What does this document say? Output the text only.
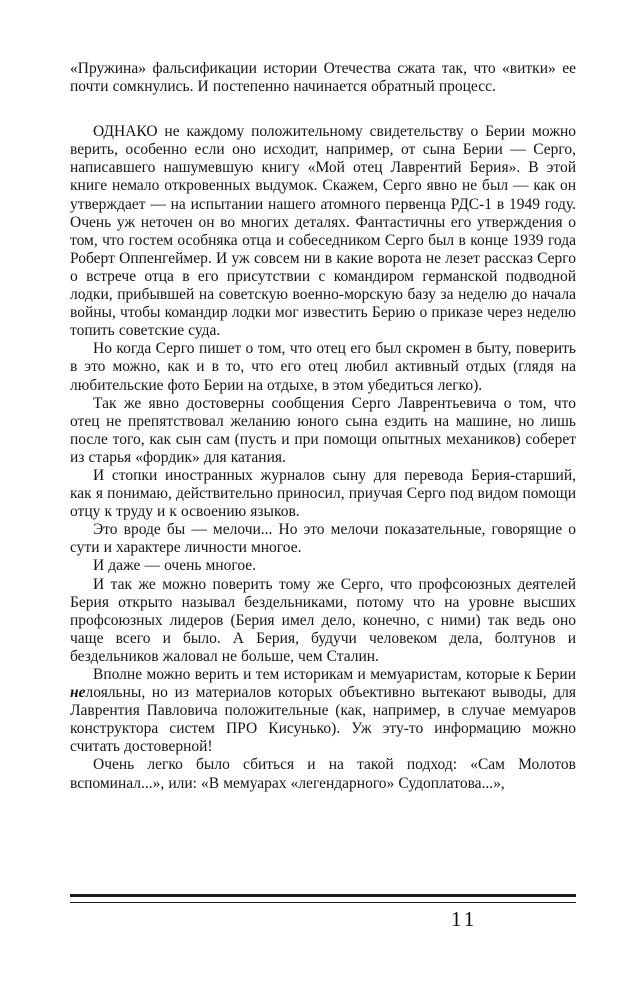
«Пружина» фальсификации истории Отечества сжата так, что «витки» ее почти сомкнулись. И постепенно начинается обратный процесс.

ОДНАКО не каждому положительному свидетельству о Берии можно верить, особенно если оно исходит, например, от сына Берии — Серго, написавшего нашумевшую книгу «Мой отец Лаврентий Берия». В этой книге немало откровенных выдумок. Скажем, Серго явно не был — как он утверждает — на испытании нашего атомного первенца РДС-1 в 1949 году. Очень уж неточен он во многих деталях. Фантастичны его утверждения о том, что гостем особняка отца и собеседником Серго был в конце 1939 года Роберт Оппенгеймер. И уж совсем ни в какие ворота не лезет рассказ Серго о встрече отца в его присутствии с командиром германской подводной лодки, прибывшей на советскую военно-морскую базу за неделю до начала войны, чтобы командир лодки мог известить Берию о приказе через неделю топить советские суда.

Но когда Серго пишет о том, что отец его был скромен в быту, поверить в это можно, как и в то, что его отец любил активный отдых (глядя на любительские фото Берии на отдыхе, в этом убедиться легко).

Так же явно достоверны сообщения Серго Лаврентьевича о том, что отец не препятствовал желанию юного сына ездить на машине, но лишь после того, как сын сам (пусть и при помощи опытных механиков) соберет из старья «фордик» для катания.

И стопки иностранных журналов сыну для перевода Берия-старший, как я понимаю, действительно приносил, приучая Серго под видом помощи отцу к труду и к освоению языков.

Это вроде бы — мелочи... Но это мелочи показательные, говорящие о сути и характере личности многое.

И даже — очень многое.

И так же можно поверить тому же Серго, что профсоюзных деятелей Берия открыто называл бездельниками, потому что на уровне высших профсоюзных лидеров (Берия имел дело, конечно, с ними) так ведь оно чаще всего и было. А Берия, будучи человеком дела, болтунов и бездельников жаловал не больше, чем Сталин.

Вполне можно верить и тем историкам и мемуаристам, которые к Берии нелояльны, но из материалов которых объективно вытекают выводы, для Лаврентия Павловича положительные (как, например, в случае мемуаров конструктора систем ПРО Кисунько). Уж эту-то информацию можно считать достоверной!

Очень легко было сбиться и на такой подход: «Сам Молотов вспоминал...», или: «В мемуарах «легендарного» Судоплатова...»,

11
